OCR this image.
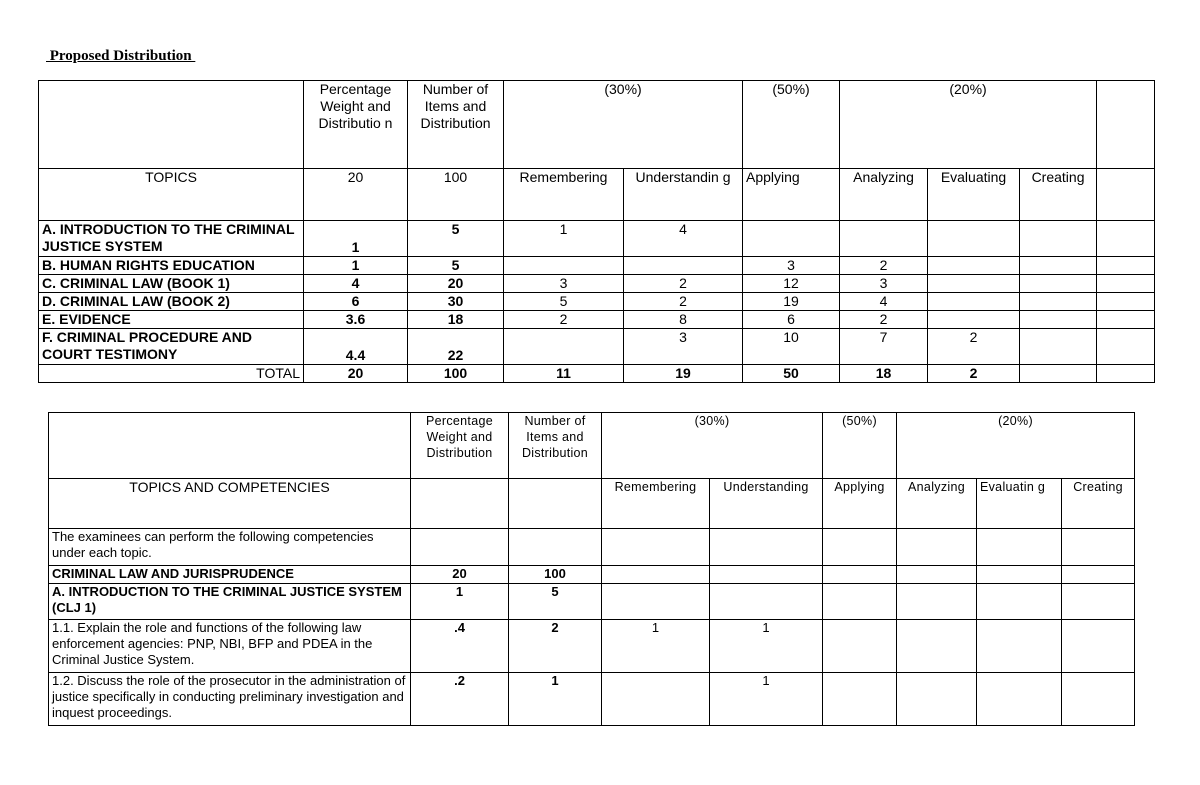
Proposed Distribution
	Percentage Weight and Distributio n	Number of Items and Distribution	(30%)		(50%)	(20%)			
TOPICS	20	100	Remembering	Understandin g	Applying	Analyzing	Evaluating	Creating	
A. INTRODUCTION TO THE CRIMINAL JUSTICE SYSTEM	1	5	1	4					
B. HUMAN RIGHTS EDUCATION	1	5			3	2			
C. CRIMINAL LAW (BOOK 1)	4	20	3	2	12	3			
D. CRIMINAL LAW (BOOK 2)	6	30	5	2	19	4			
E. EVIDENCE	3.6	18	2	8	6	2			
F. CRIMINAL PROCEDURE AND COURT TESTIMONY	4.4	22		3	10	7	2		
TOTAL	20	100	11	19	50	18	2		
	Percentage Weight and Distribution	Number of Items and Distribution	(30%)		(50%)	(20%)		
TOPICS AND COMPETENCIES			Remembering	Understanding	Applying	Analyzing	Evaluatin g	Creating
The examinees can perform the following competencies under each topic.								
CRIMINAL LAW AND JURISPRUDENCE	20	100						
A. INTRODUCTION TO THE CRIMINAL JUSTICE SYSTEM (CLJ 1)	1	5						
1.1. Explain the role and functions of the following law enforcement agencies: PNP, NBI, BFP and PDEA in the Criminal Justice System.	.4	2	1	1				
1.2. Discuss the role of the prosecutor in the administration of justice specifically in conducting preliminary investigation and inquest proceedings.	.2	1		1				
